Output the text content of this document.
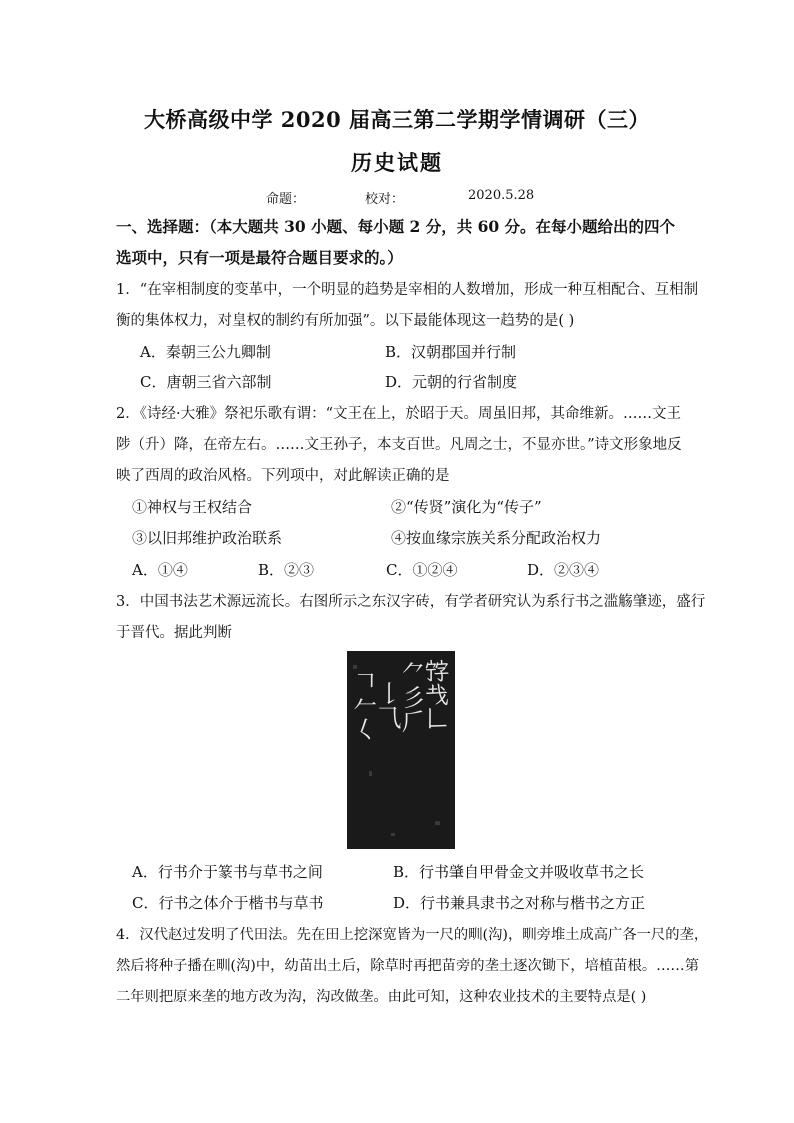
大桥高级中学 2020 届高三第二学期学情调研（三）
历史试题
命题：	校对：	2020.5.28
一、选择题：（本大题共 30 小题、每小题 2 分，共 60 分。在每小题给出的四个
选项中，只有一项是最符合题目要求的。）
1．“在宰相制度的变革中，一个明显的趋势是宰相的人数增加，形成一种互相配合、互相制
衡的集体权力，对皇权的制约有所加强”。以下最能体现这一趋势的是( )
A．秦朝三公九卿制	B．汉朝郡国并行制
C．唐朝三省六部制	D．元朝的行省制度
2．《诗经·大雅》祭祀乐歌有谓：“文王在上，於昭于天。周虽旧邦，其命维新。……文王
陟（升）降，在帝左右。……文王孙子，本支百世。凡周之士，不显亦世。”诗文形象地反
映了西周的政治风格。下列项中，对此解读正确的是
①神权与王权结合	②“传贤”演化为“传子”
③以旧邦维护政治联系	④按血缘宗族关系分配政治权力
A．①④	B．②③	C．①②④	D．②③④
3．中国书法艺术源远流长。右图所示之东汉字砖，有学者研究认为系行书之滥觞肇迹，盛行
于晋代。据此判断
𡨸𢦏𠃊
⺈彡𠂆
𠄌⺄
𠃍𠂉𡿨
A．行书介于篆书与草书之间	B．行书肇自甲骨金文并吸收草书之长
C．行书之体介于楷书与草书	D．行书兼具隶书之对称与楷书之方正
4．汉代赵过发明了代田法。先在田上挖深宽皆为一尺的甽(沟)，甽旁堆土成高广各一尺的垄，
然后将种子播在甽(沟)中，幼苗出土后，除草时再把苗旁的垄土逐次锄下，培植苗根。……第
二年则把原来垄的地方改为沟，沟改做垄。由此可知，这种农业技术的主要特点是( )
